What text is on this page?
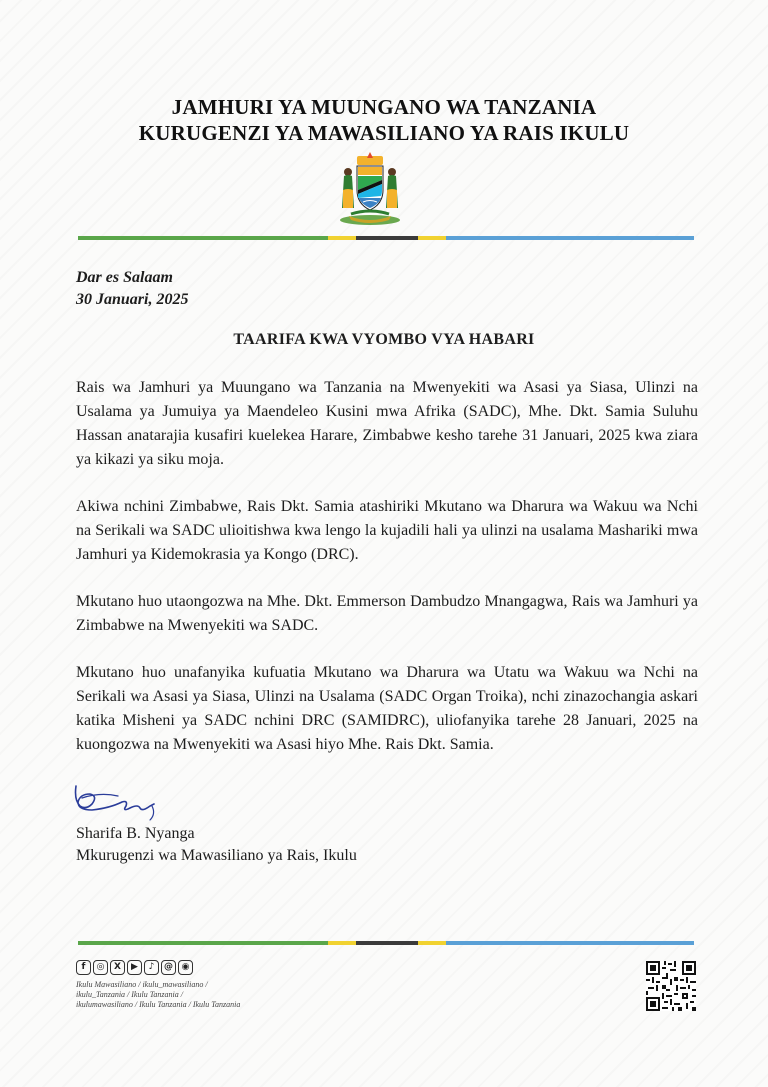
JAMHURI YA MUUNGANO WA TANZANIA
KURUGENZI YA MAWASILIANO YA RAIS IKULU
Dar es Salaam
30 Januari, 2025
TAARIFA KWA VYOMBO VYA HABARI

Rais wa Jamhuri ya Muungano wa Tanzania na Mwenyekiti wa Asasi ya Siasa, Ulinzi na Usalama ya Jumuiya ya Maendeleo Kusini mwa Afrika (SADC), Mhe. Dkt. Samia Suluhu Hassan anatarajia kusafiri kuelekea Harare, Zimbabwe kesho tarehe 31 Januari, 2025 kwa ziara ya kikazi ya siku moja.

Akiwa nchini Zimbabwe, Rais Dkt. Samia atashiriki Mkutano wa Dharura wa Wakuu wa Nchi na Serikali wa SADC ulioitishwa kwa lengo la kujadili hali ya ulinzi na usalama Mashariki mwa Jamhuri ya Kidemokrasia ya Kongo (DRC).

Mkutano huo utaongozwa na Mhe. Dkt. Emmerson Dambudzo Mnangagwa, Rais wa Jamhuri ya Zimbabwe na Mwenyekiti wa SADC.

Mkutano huo unafanyika kufuatia Mkutano wa Dharura wa Utatu wa Wakuu wa Nchi na Serikali wa Asasi ya Siasa, Ulinzi na Usalama (SADC Organ Troika), nchi zinazochangia askari katika Misheni ya SADC nchini DRC (SAMIDRC), uliofanyika tarehe 28 Januari, 2025 na kuongozwa na Mwenyekiti wa Asasi hiyo Mhe. Rais Dkt. Samia.

Sharifa B. Nyanga
Mkurugenzi wa Mawasiliano ya Rais, Ikulu
f	◎	X	▶	♪	@ ◉
Ikulu Mawasiliano / ikulu_mawasiliano /
ikulu_Tanzania / Ikulu Tanzania /
ikulumawasiliano / Ikulu Tanzania / Ikulu Tanzania
